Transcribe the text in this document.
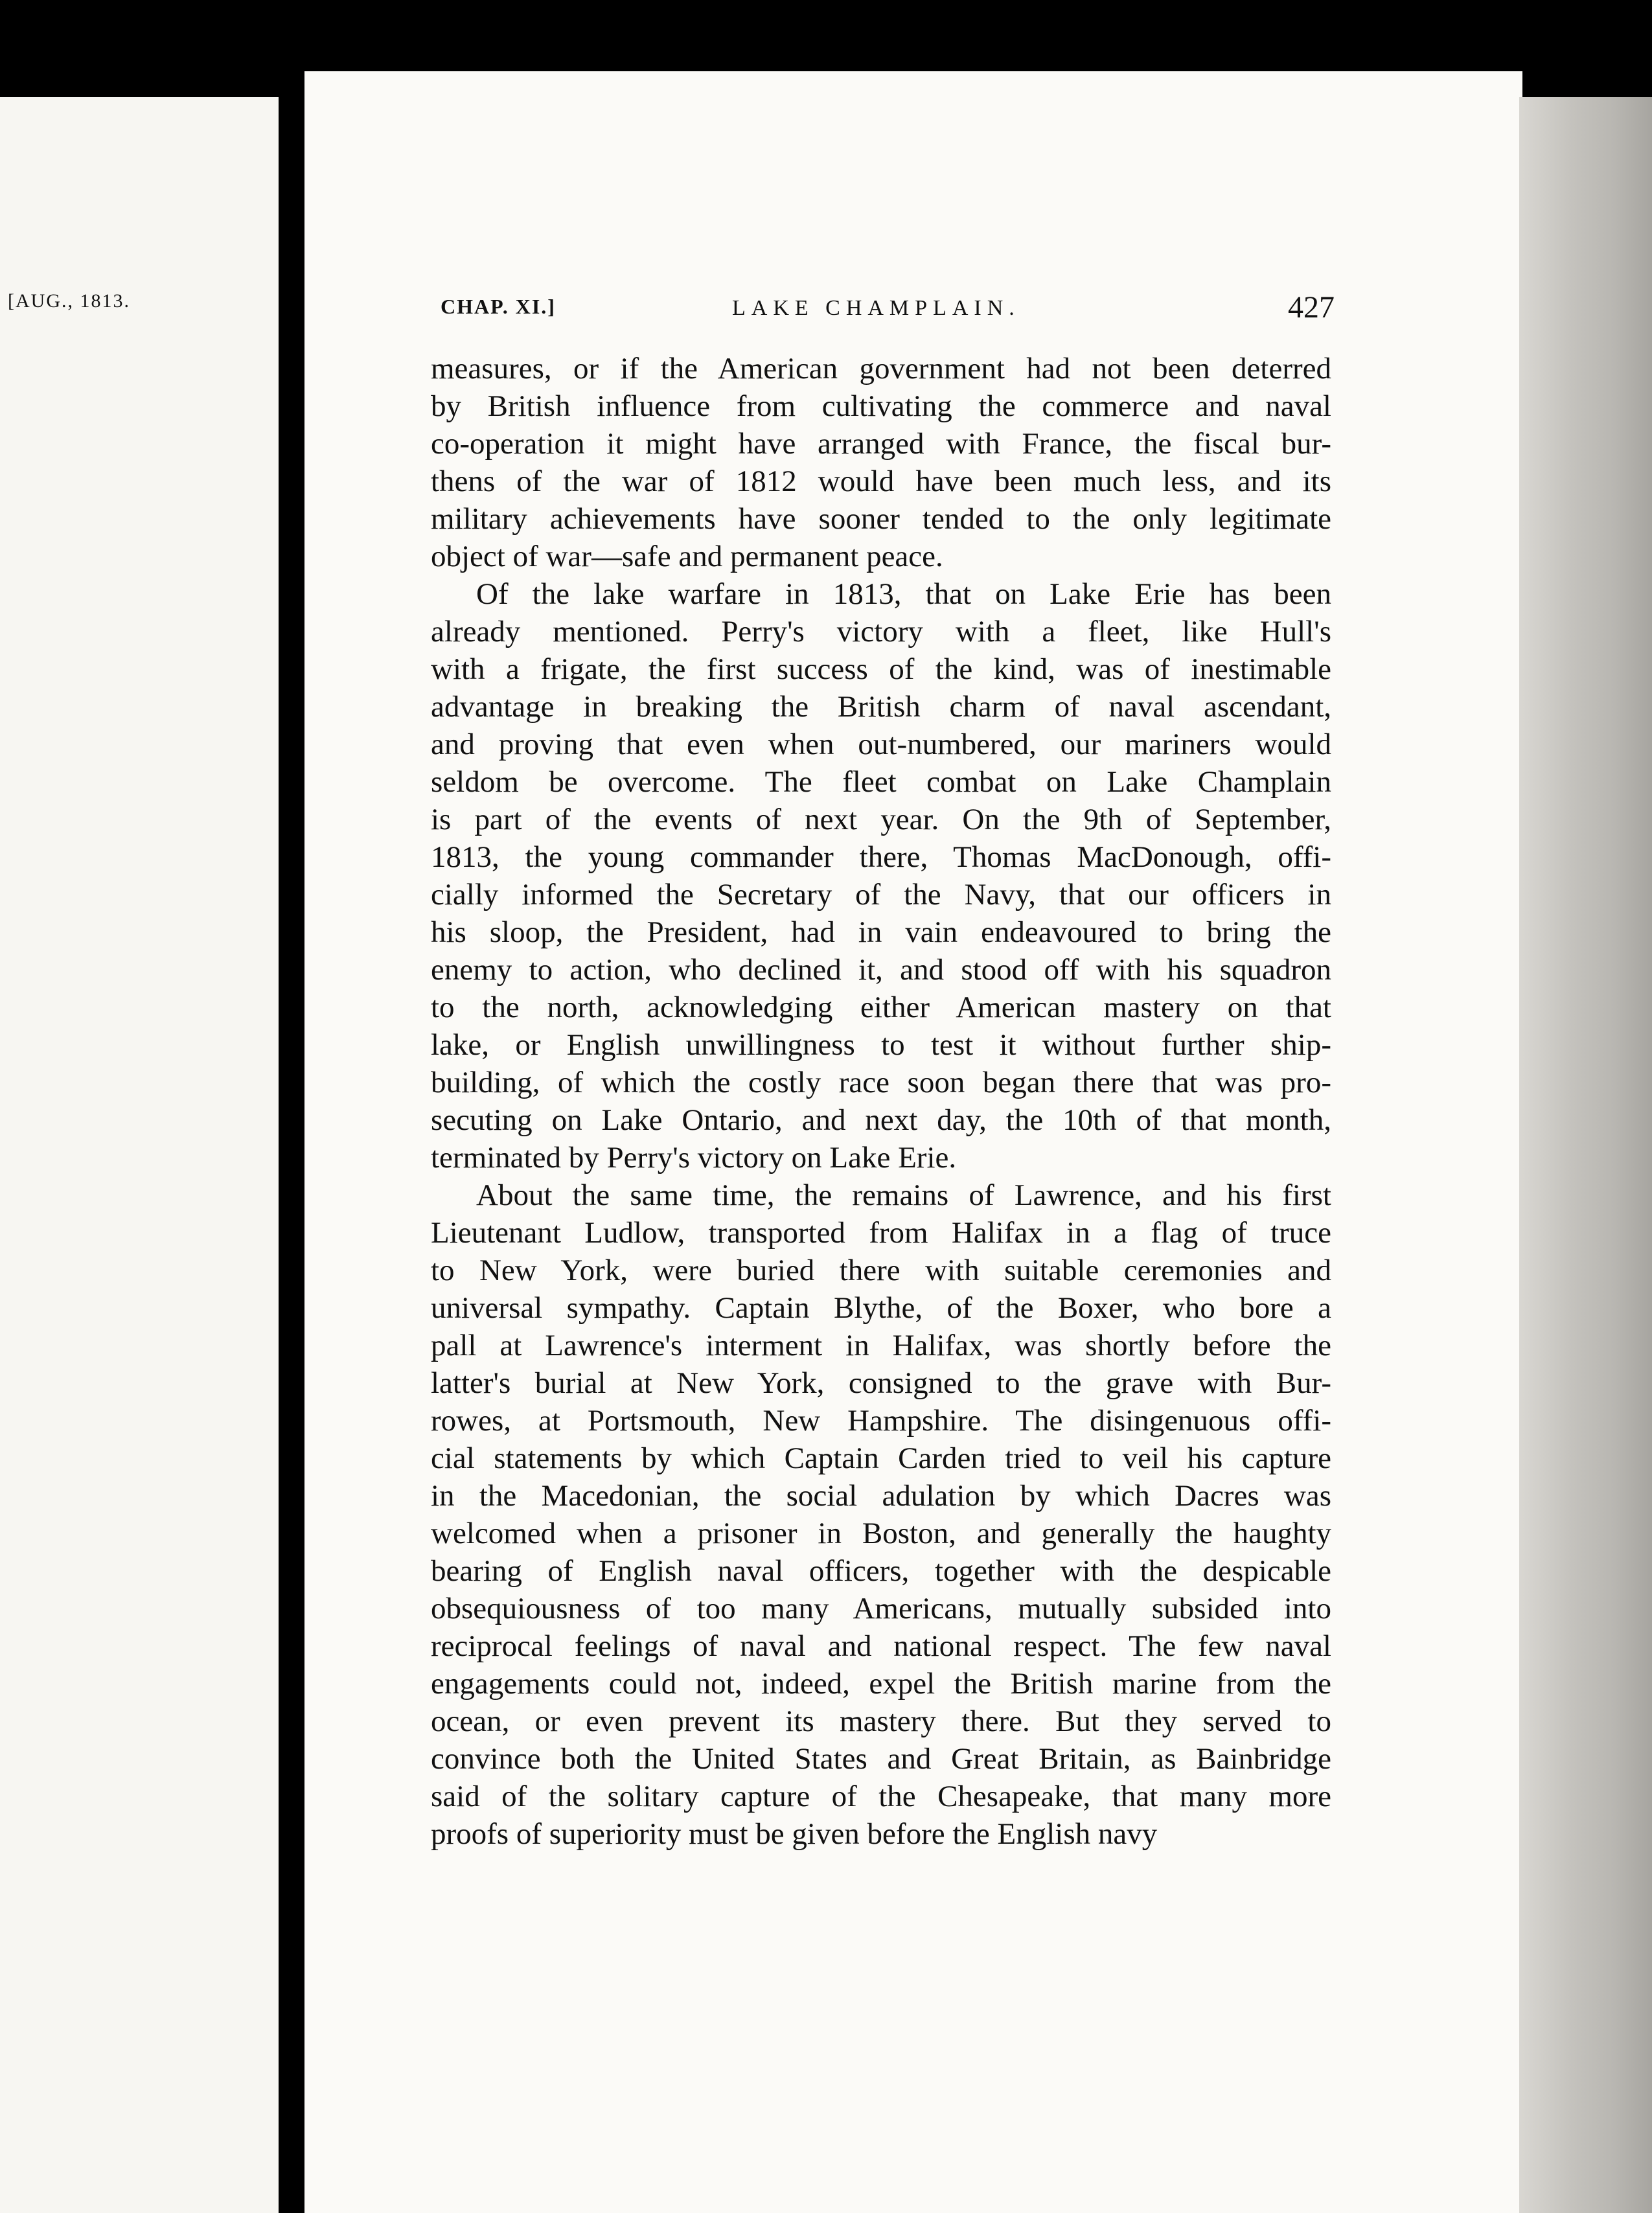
[AUG., 1813.	CHAP. XI.]	LAKE CHAMPLAIN.	427

measures, or if the American government had not been deterred
by British influence from cultivating the commerce and naval
co-operation it might have arranged with France, the fiscal bur-
thens of the war of 1812 would have been much less, and its
military achievements have sooner tended to the only legitimate
object of war—safe and permanent peace.

Of the lake warfare in 1813, that on Lake Erie has been
already mentioned. Perry's victory with a fleet, like Hull's
with a frigate, the first success of the kind, was of inestimable
advantage in breaking the British charm of naval ascendant,
and proving that even when out-numbered, our mariners would
seldom be overcome. The fleet combat on Lake Champlain
is part of the events of next year. On the 9th of September,
1813, the young commander there, Thomas MacDonough, offi-
cially informed the Secretary of the Navy, that our officers in
his sloop, the President, had in vain endeavoured to bring the
enemy to action, who declined it, and stood off with his squadron
to the north, acknowledging either American mastery on that
lake, or English unwillingness to test it without further ship-
building, of which the costly race soon began there that was pro-
secuting on Lake Ontario, and next day, the 10th of that month,
terminated by Perry's victory on Lake Erie.

About the same time, the remains of Lawrence, and his first
Lieutenant Ludlow, transported from Halifax in a flag of truce
to New York, were buried there with suitable ceremonies and
universal sympathy. Captain Blythe, of the Boxer, who bore a
pall at Lawrence's interment in Halifax, was shortly before the
latter's burial at New York, consigned to the grave with Bur-
rowes, at Portsmouth, New Hampshire. The disingenuous offi-
cial statements by which Captain Carden tried to veil his capture
in the Macedonian, the social adulation by which Dacres was
welcomed when a prisoner in Boston, and generally the haughty
bearing of English naval officers, together with the despicable
obsequiousness of too many Americans, mutually subsided into
reciprocal feelings of naval and national respect. The few naval
engagements could not, indeed, expel the British marine from the
ocean, or even prevent its mastery there. But they served to
convince both the United States and Great Britain, as Bainbridge
said of the solitary capture of the Chesapeake, that many more
proofs of superiority must be given before the English navy
